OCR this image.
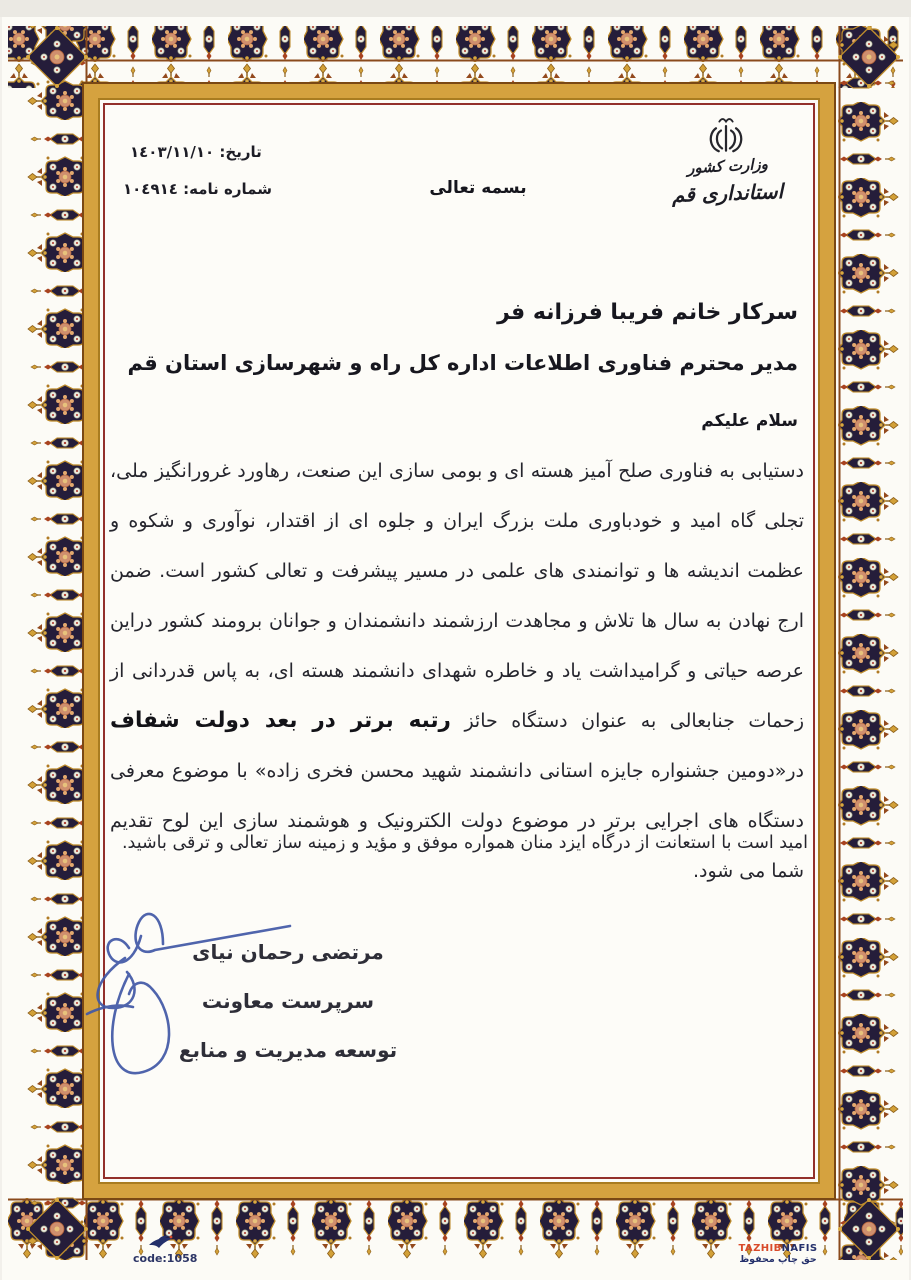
وزارت کشور
استانداری قم
تاریخ: ١٤٠٣/١١/١٠
شماره نامه: ١٠٤٩١٤	بسمه تعالی
سرکار خانم فریبا فرزانه فر
مدیر محترم فناوری اطلاعات اداره کل راه و شهرسازی استان قم
سلام علیکم
دستیابی به فناوری صلح آمیز هسته ای و بومی سازی این صنعت، رهاورد غرورانگیز ملی، تجلی گاه امید و خودباوری ملت بزرگ ایران و جلوه ای از اقتدار، نوآوری و شکوه و عظمت اندیشه ها و توانمندی های علمی در مسیر پیشرفت و تعالی کشور است. ضمن ارج نهادن به سال ها تلاش و مجاهدت ارزشمند دانشمندان و جوانان برومند کشور دراین عرصه حیاتی و گرامیداشت یاد و خاطره شهدای دانشمند هسته ای، به پاس قدردانی از زحمات جنابعالی به عنوان دستگاه حائز رتبه برتر در بعد دولت شفاف در«دومین جشنواره جایزه استانی دانشمند شهید محسن فخری زاده» با موضوع معرفی دستگاه های اجرایی برتر در موضوع دولت الکترونیک و هوشمند سازی این لوح تقدیم شما می شود.
امید است با استعانت از درگاه ایزد منان همواره موفق و مؤید و زمینه ساز تعالی و ترقی باشید.
مرتضی رحمان نیای
سرپرست معاونت
توسعه مدیریت و منابع
code:1058
TAZHIBNAFIS
حق چاپ محفوظ
